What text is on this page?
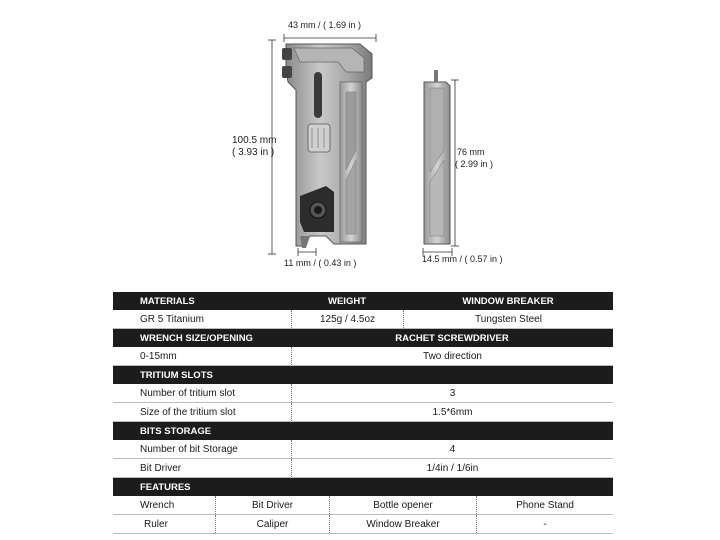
43 mm / ( 1.69 in )
100.5 mm
( 3.93 in )
11 mm / ( 0.43 in )
76 mm
( 2.99 in )
14.5 mm / ( 0.57 in )
MATERIALS	WEIGHT	WINDOW BREAKER
GR 5 Titanium	125g / 4.5oz	Tungsten Steel
WRENCH SIZE/OPENING	RACHET SCREWDRIVER
0-15mm	Two direction
TRITIUM SLOTS
Number of tritium slot	3
Size of the tritium slot	1.5*6mm
BITS STORAGE
Number of bit Storage	4
Bit Driver	1/4in / 1/6in
FEATURES
Wrench	Bit Driver	Bottle opener	Phone Stand
Ruler	Caliper	Window Breaker	-
